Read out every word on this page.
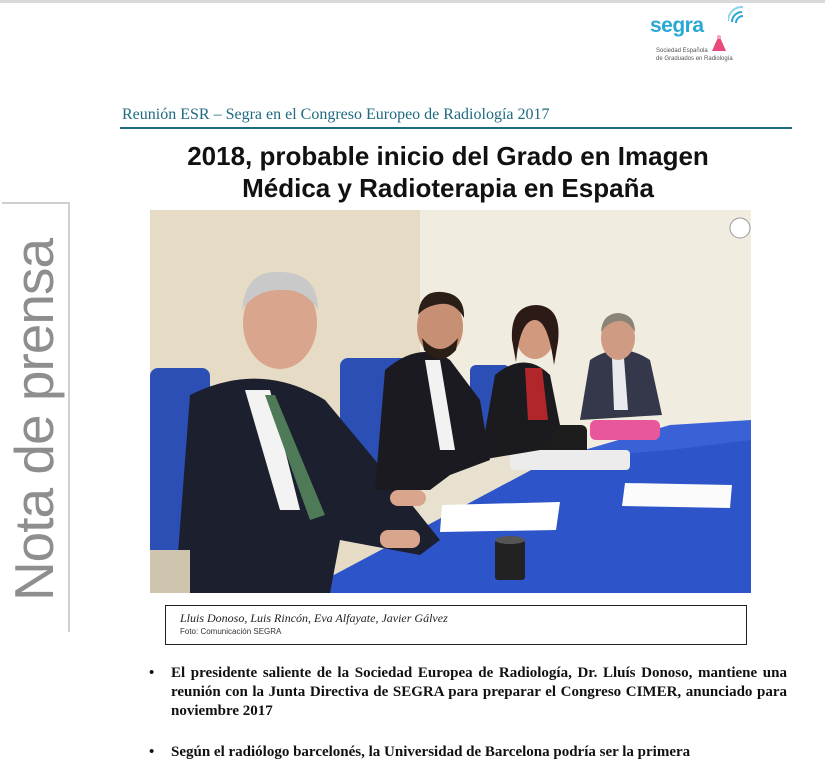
segra
Sociedad Española
de Graduados en Radiología
Nota de prensa
Reunión ESR – Segra en el Congreso Europeo de Radiología 2017
2018, probable inicio del Grado en Imagen
Médica y Radioterapia en España
Lluis Donoso, Luis Rincón, Eva Alfayate, Javier Gálvez
Foto: Comunicación SEGRA
• El presidente saliente de la Sociedad Europea de Radiología, Dr. Lluís Donoso, mantiene una reunión con la Junta Directiva de SEGRA para preparar el Congreso CIMER, anunciado para noviembre 2017
• Según el radiólogo barcelonés, la Universidad de Barcelona podría ser la primera
